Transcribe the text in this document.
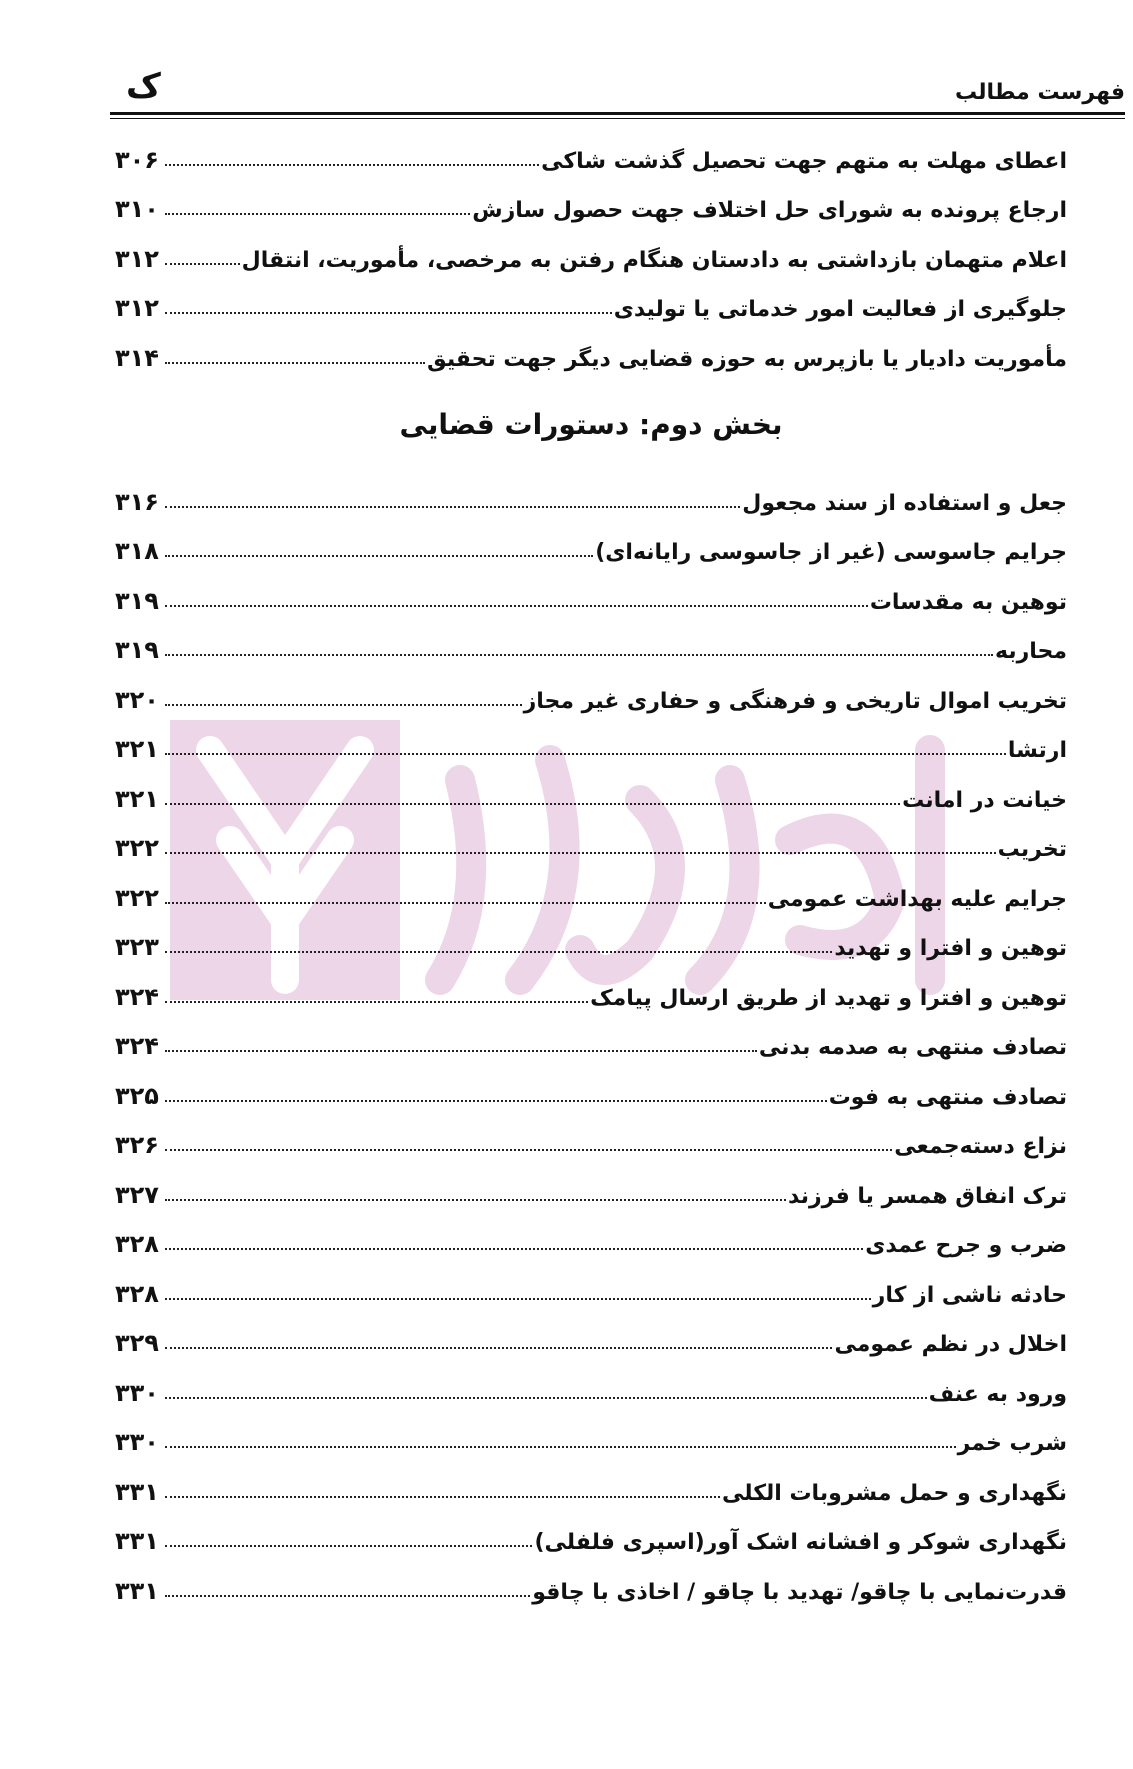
فهرست مطالب
ک
اعطای مهلت به متهم جهت تحصیل گذشت شاکی
۳۰۶
ارجاع پرونده به شورای حل اختلاف جهت حصول سازش
۳۱۰
اعلام متهمان بازداشتی به دادستان هنگام رفتن به مرخصی، مأموریت، انتقال
۳۱۲
جلوگیری از فعالیت امور خدماتی یا تولیدی
۳۱۲
مأموریت دادیار یا بازپرس به حوزه قضایی دیگر جهت تحقیق
۳۱۴
بخش دوم: دستورات قضایی
جعل و استفاده از سند مجعول
۳۱۶
جرایم جاسوسی (غیر از جاسوسی رایانه‌ای)
۳۱۸
توهین به مقدسات
۳۱۹
محاربه
۳۱۹
تخریب اموال تاریخی و فرهنگی و حفاری غیر مجاز
۳۲۰
ارتشا
۳۲۱
خیانت در امانت
۳۲۱
تخریب
۳۲۲
جرایم علیه بهداشت عمومی
۳۲۲
توهین و افترا و تهدید
۳۲۳
توهین و افترا و تهدید از طریق ارسال پیامک
۳۲۴
تصادف منتهی به صدمه بدنی
۳۲۴
تصادف منتهی به فوت
۳۲۵
نزاع دسته‌جمعی
۳۲۶
ترک انفاق همسر یا فرزند
۳۲۷
ضرب و جرح عمدی
۳۲۸
حادثه ناشی از کار
۳۲۸
اخلال در نظم عمومی
۳۲۹
ورود به عنف
۳۳۰
شرب خمر
۳۳۰
نگهداری و حمل مشروبات الکلی
۳۳۱
نگهداری شوکر و افشانه اشک آور(اسپری فلفلی)
۳۳۱
قدرت‌نمایی با چاقو/ تهدید با چاقو / اخاذی با چاقو
۳۳۱
